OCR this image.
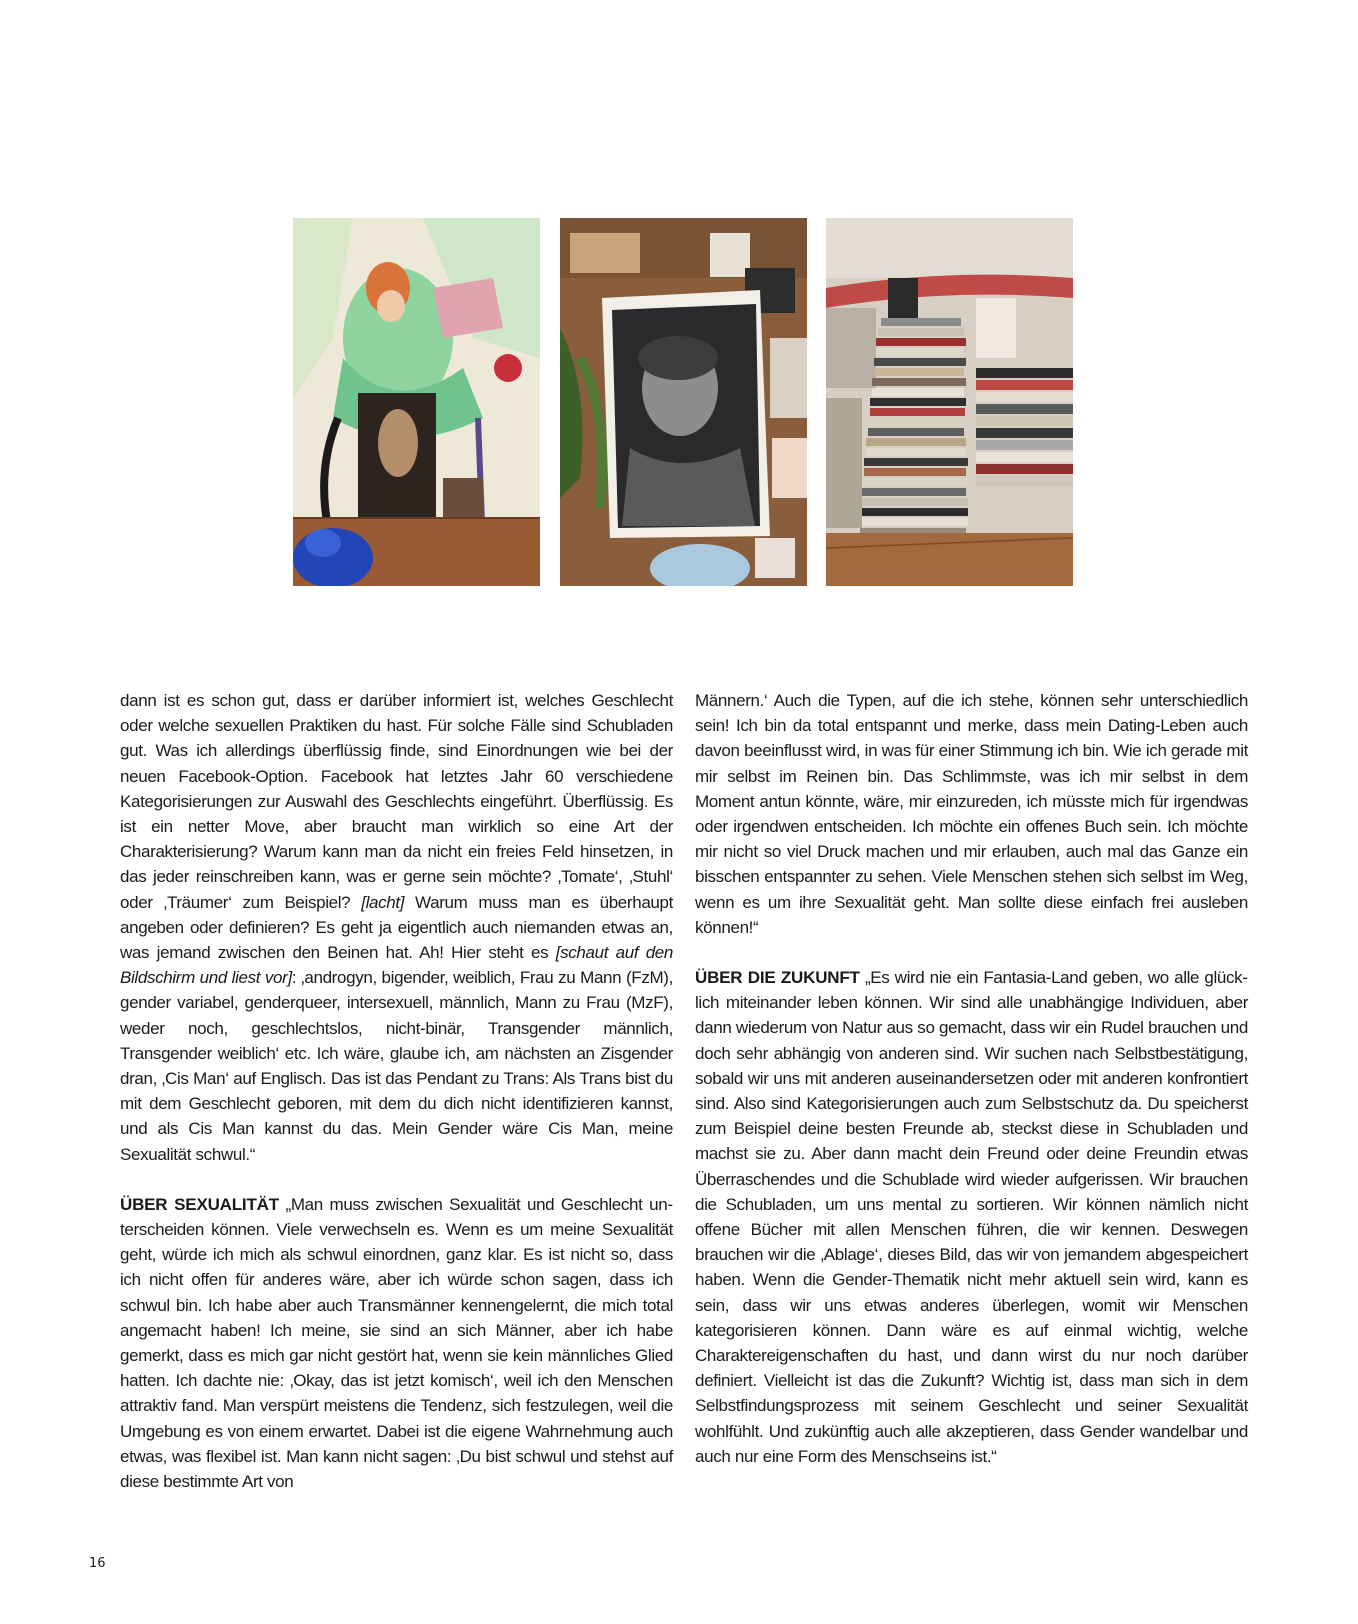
dann ist es schon gut, dass er darüber informiert ist, welches Geschlecht oder welche sexuellen Praktiken du hast. Für solche Fälle sind Schubladen gut. Was ich allerdings überflüssig finde, sind Einordnungen wie bei der neuen Facebook-Option. Facebook hat letztes Jahr 60 verschiedene Kategorisierungen zur Auswahl des Geschlechts eingeführt. Überflüssig. Es ist ein netter Move, aber braucht man wirklich so eine Art der Charakterisierung? Warum kann man da nicht ein freies Feld hinsetzen, in das jeder reinschreiben kann, was er gerne sein möchte? ‚Tomate‘, ‚Stuhl‘ oder ‚Träumer‘ zum Beispiel? [lacht] Warum muss man es überhaupt angeben oder definieren? Es geht ja eigentlich auch niemanden etwas an, was jemand zwischen den Beinen hat. Ah! Hier steht es [schaut auf den Bildschirm und liest vor]: ‚androgyn, bigender, weiblich, Frau zu Mann (FzM), gender variabel, genderqueer, intersexuell, männlich, Mann zu Frau (MzF), weder noch, geschlechtslos, nicht-binär, Transgender männlich, Transgender weiblich‘ etc. Ich wäre, glaube ich, am nächsten an Zisgender dran, ‚Cis Man‘ auf Englisch. Das ist das Pendant zu Trans: Als Trans bist du mit dem Geschlecht geboren, mit dem du dich nicht identifizieren kannst, und als Cis Man kannst du das. Mein Gender wäre Cis Man, meine Sexualität schwul.“

ÜBER SEXUALITÄT „Man muss zwischen Sexualität und Geschlecht unterscheiden können. Viele verwechseln es. Wenn es um meine Sexualität geht, würde ich mich als schwul einordnen, ganz klar. Es ist nicht so, dass ich nicht offen für anderes wäre, aber ich würde schon sagen, dass ich schwul bin. Ich habe aber auch Transmänner kennengelernt, die mich total angemacht haben! Ich meine, sie sind an sich Männer, aber ich habe gemerkt, dass es mich gar nicht gestört hat, wenn sie kein männliches Glied hatten. Ich dachte nie: ‚Okay, das ist jetzt komisch‘, weil ich den Menschen attraktiv fand. Man verspürt meistens die Tendenz, sich festzulegen, weil die Umgebung es von einem erwartet. Dabei ist die eigene Wahrnehmung auch etwas, was flexibel ist. Man kann nicht sagen: ‚Du bist schwul und stehst auf diese bestimmte Art von

Männern.‘ Auch die Typen, auf die ich stehe, können sehr unterschiedlich sein! Ich bin da total entspannt und merke, dass mein Dating-Leben auch davon beeinflusst wird, in was für einer Stimmung ich bin. Wie ich gerade mit mir selbst im Reinen bin. Das Schlimmste, was ich mir selbst in dem Moment antun könnte, wäre, mir einzureden, ich müsste mich für irgendwas oder irgendwen entscheiden. Ich möchte ein offenes Buch sein. Ich möchte mir nicht so viel Druck machen und mir erlauben, auch mal das Ganze ein bisschen entspannter zu sehen. Viele Menschen stehen sich selbst im Weg, wenn es um ihre Sexualität geht. Man sollte diese einfach frei ausleben können!“

ÜBER DIE ZUKUNFT „Es wird nie ein Fantasia-Land geben, wo alle glücklich miteinander leben können. Wir sind alle unabhängige Individuen, aber dann wiederum von Natur aus so gemacht, dass wir ein Rudel brauchen und doch sehr abhängig von anderen sind. Wir suchen nach Selbstbestätigung, sobald wir uns mit anderen auseinandersetzen oder mit anderen konfrontiert sind. Also sind Kategorisierungen auch zum Selbstschutz da. Du speicherst zum Beispiel deine besten Freunde ab, steckst diese in Schubladen und machst sie zu. Aber dann macht dein Freund oder deine Freundin etwas Überraschendes und die Schublade wird wieder aufgerissen. Wir brauchen die Schubladen, um uns mental zu sortieren. Wir können nämlich nicht offene Bücher mit allen Menschen führen, die wir kennen. Deswegen brauchen wir die ‚Ablage‘, dieses Bild, das wir von jemandem abgespeichert haben. Wenn die Gender-Thematik nicht mehr aktuell sein wird, kann es sein, dass wir uns etwas anderes überlegen, womit wir Menschen kategorisieren können. Dann wäre es auf einmal wichtig, welche Charaktereigenschaften du hast, und dann wirst du nur noch darüber definiert. Vielleicht ist das die Zukunft? Wichtig ist, dass man sich in dem Selbstfindungsprozess mit seinem Geschlecht und seiner Sexualität wohlfühlt. Und zukünftig auch alle akzeptieren, dass Gender wandelbar und auch nur eine Form des Menschseins ist.“

16
